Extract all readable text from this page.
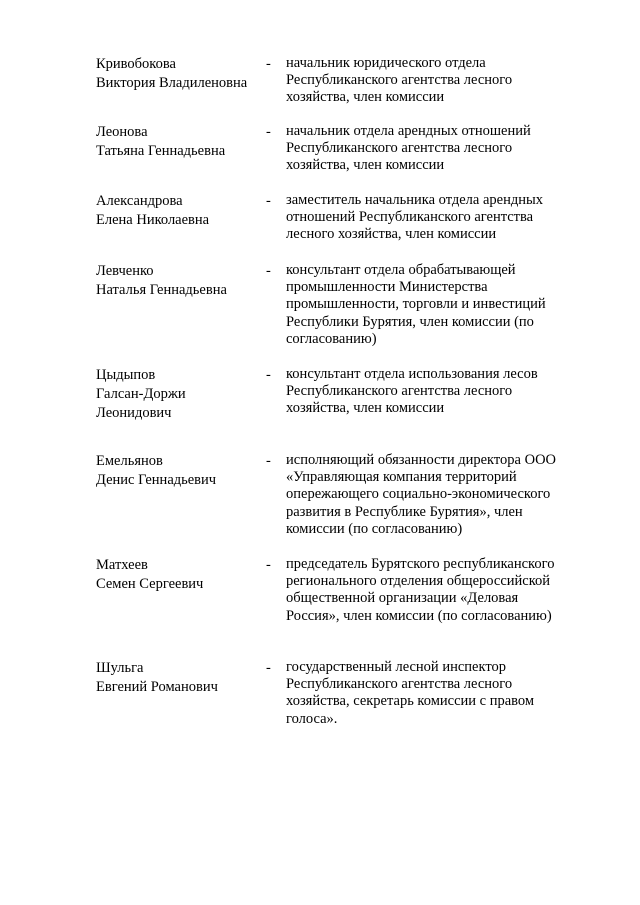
Кривобокова
Виктория Владиленовна
- начальник юридического отдела
Республиканского агентства лесного
хозяйства, член комиссии
Леонова
Татьяна Геннадьевна
- начальник отдела арендных отношений
Республиканского агентства лесного
хозяйства, член комиссии
Александрова
Елена Николаевна
- заместитель начальника отдела арендных
отношений Республиканского агентства
лесного хозяйства, член комиссии
Левченко
Наталья Геннадьевна
- консультант отдела обрабатывающей
промышленности Министерства
промышленности, торговли и инвестиций
Республики Бурятия, член комиссии (по
согласованию)
Цыдыпов
Галсан-Доржи
Леонидович
- консультант отдела использования лесов
Республиканского агентства лесного
хозяйства, член комиссии
Емельянов
Денис Геннадьевич
- исполняющий обязанности директора ООО
«Управляющая компания территорий
опережающего социально-экономического
развития в Республике Бурятия», член
комиссии (по согласованию)
Матхеев
Семен Сергеевич
- председатель Бурятского республиканского
регионального отделения общероссийской
общественной организации «Деловая
Россия», член комиссии (по согласованию)
Шульга
Евгений Романович
- государственный лесной инспектор
Республиканского агентства лесного
хозяйства, секретарь комиссии с правом
голоса».
